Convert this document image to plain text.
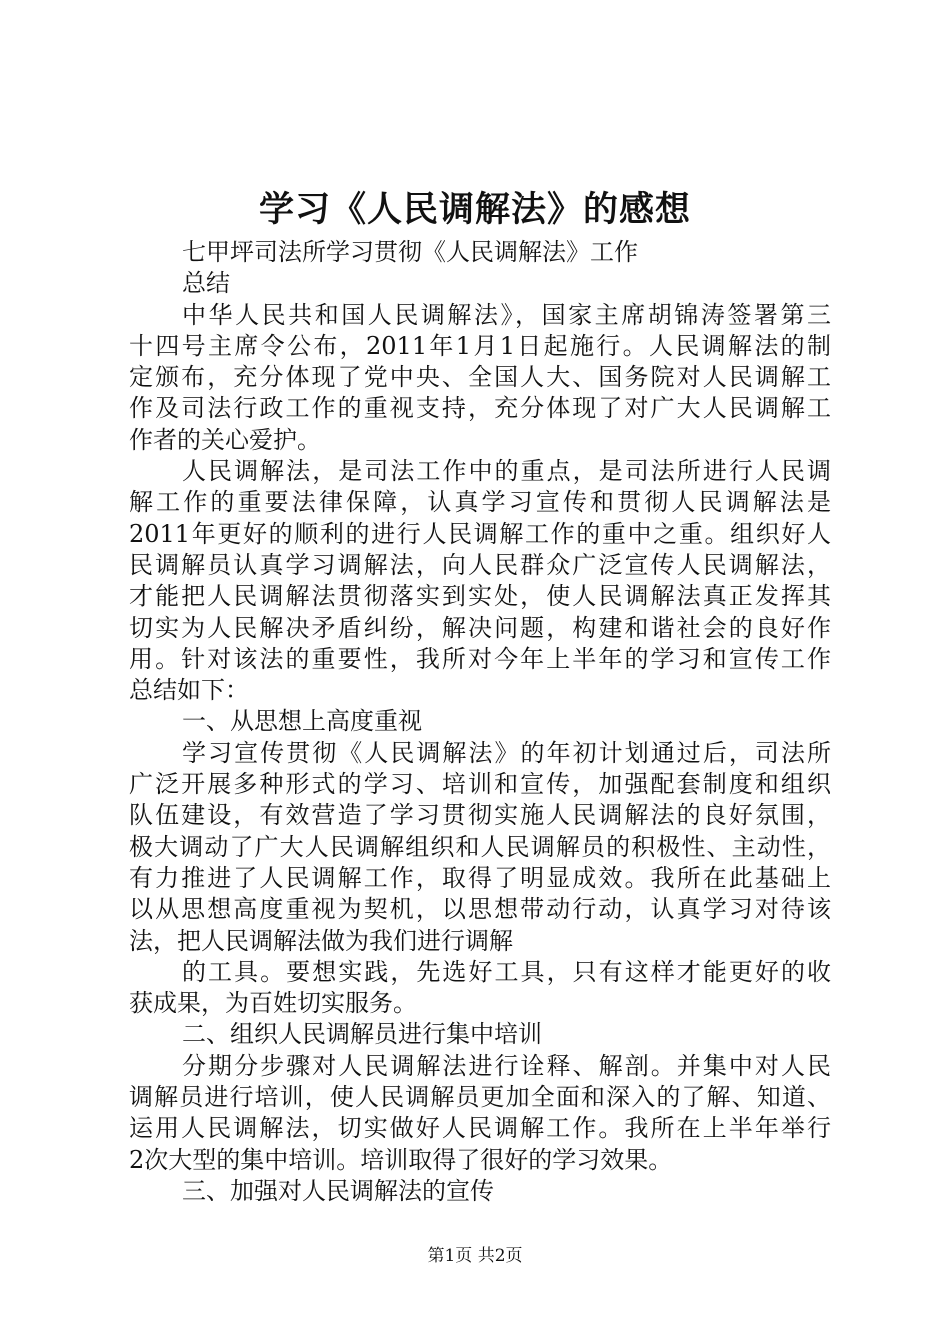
学习《人民调解法》的感想
七甲坪司法所学习贯彻《人民调解法》工作
总结
中华人民共和国人民调解法》，国家主席胡锦涛签署第三
十四号主席令公布，2011年1月1日起施行。人民调解法的制
定颁布，充分体现了党中央、全国人大、国务院对人民调解工
作及司法行政工作的重视支持，充分体现了对广大人民调解工
作者的关心爱护。
人民调解法，是司法工作中的重点，是司法所进行人民调
解工作的重要法律保障，认真学习宣传和贯彻人民调解法是
2011年更好的顺利的进行人民调解工作的重中之重。组织好人
民调解员认真学习调解法，向人民群众广泛宣传人民调解法，
才能把人民调解法贯彻落实到实处，使人民调解法真正发挥其
切实为人民解决矛盾纠纷，解决问题，构建和谐社会的良好作
用。针对该法的重要性，我所对今年上半年的学习和宣传工作
总结如下：
一、从思想上高度重视
学习宣传贯彻《人民调解法》的年初计划通过后，司法所
广泛开展多种形式的学习、培训和宣传，加强配套制度和组织
队伍建设，有效营造了学习贯彻实施人民调解法的良好氛围，
极大调动了广大人民调解组织和人民调解员的积极性、主动性，
有力推进了人民调解工作，取得了明显成效。我所在此基础上
以从思想高度重视为契机，以思想带动行动，认真学习对待该
法，把人民调解法做为我们进行调解
的工具。要想实践，先选好工具，只有这样才能更好的收
获成果，为百姓切实服务。
二、组织人民调解员进行集中培训
分期分步骤对人民调解法进行诠释、解剖。并集中对人民
调解员进行培训，使人民调解员更加全面和深入的了解、知道、
运用人民调解法，切实做好人民调解工作。我所在上半年举行
2次大型的集中培训。培训取得了很好的学习效果。
三、加强对人民调解法的宣传
第1页 共2页
